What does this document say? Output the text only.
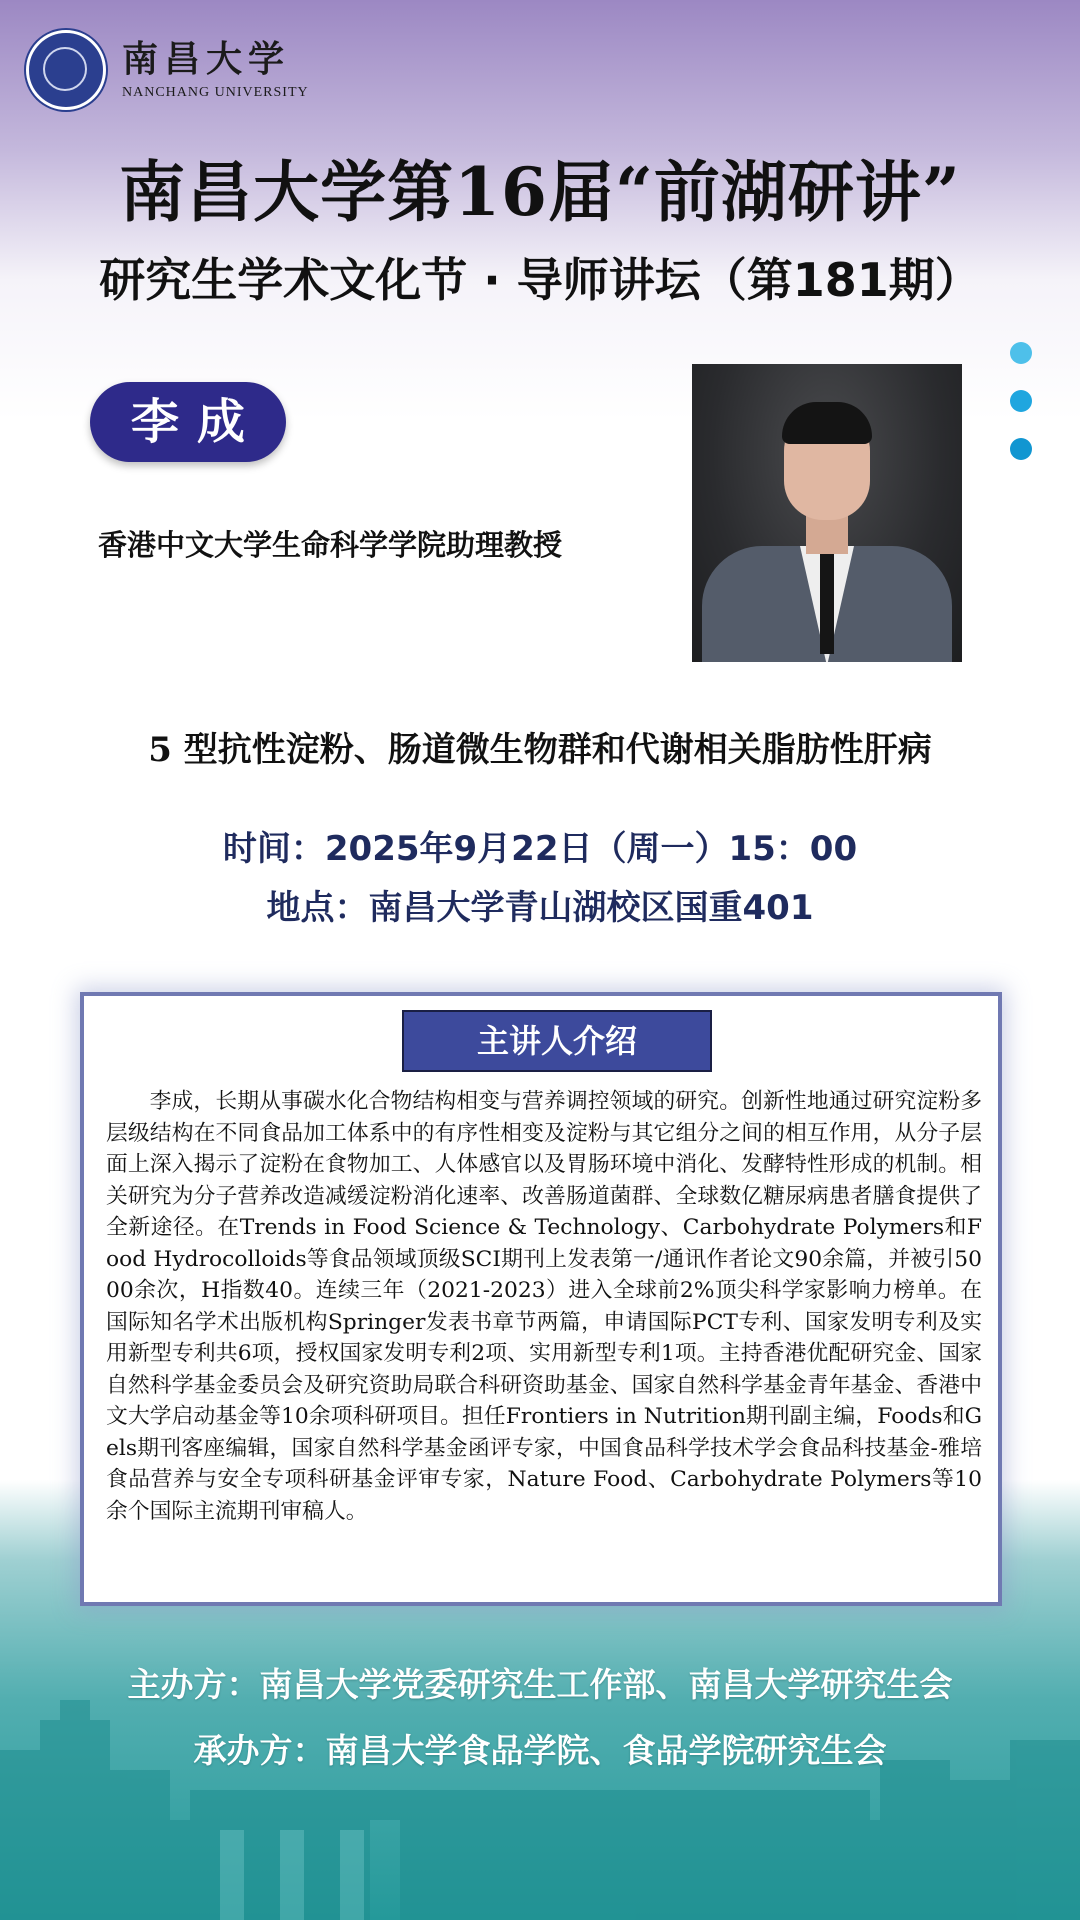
南昌大学
NANCHANG UNIVERSITY
南昌大学第16届“前湖研讲”
研究生学术文化节 · 导师讲坛（第181期）
李成
香港中文大学生命科学学院助理教授
5 型抗性淀粉、肠道微生物群和代谢相关脂肪性肝病
时间：2025年9月22日（周一）15：00
地点：南昌大学青山湖校区国重401
主讲人介绍

李成，长期从事碳水化合物结构相变与营养调控领域的研究。创新性地通过研究淀粉多层级结构在不同食品加工体系中的有序性相变及淀粉与其它组分之间的相互作用，从分子层面上深入揭示了淀粉在食物加工、人体感官以及胃肠环境中消化、发酵特性形成的机制。相关研究为分子营养改造减缓淀粉消化速率、改善肠道菌群、全球数亿糖尿病患者膳食提供了全新途径。在Trends in Food Science & Technology、Carbohydrate Polymers和Food Hydrocolloids等食品领域顶级SCI期刊上发表第一/通讯作者论文90余篇，并被引5000余次，H指数40。连续三年（2021-2023）进入全球前2%顶尖科学家影响力榜单。在国际知名学术出版机构Springer发表书章节两篇，申请国际PCT专利、国家发明专利及实用新型专利共6项，授权国家发明专利2项、实用新型专利1项。主持香港优配研究金、国家自然科学基金委员会及研究资助局联合科研资助基金、国家自然科学基金青年基金、香港中文大学启动基金等10余项科研项目。担任Frontiers in Nutrition期刊副主编，Foods和Gels期刊客座编辑，国家自然科学基金函评专家，中国食品科学技术学会食品科技基金-雅培食品营养与安全专项科研基金评审专家，Nature Food、Carbohydrate Polymers等10余个国际主流期刊审稿人。

主办方：南昌大学党委研究生工作部、南昌大学研究生会
承办方：南昌大学食品学院、食品学院研究生会
